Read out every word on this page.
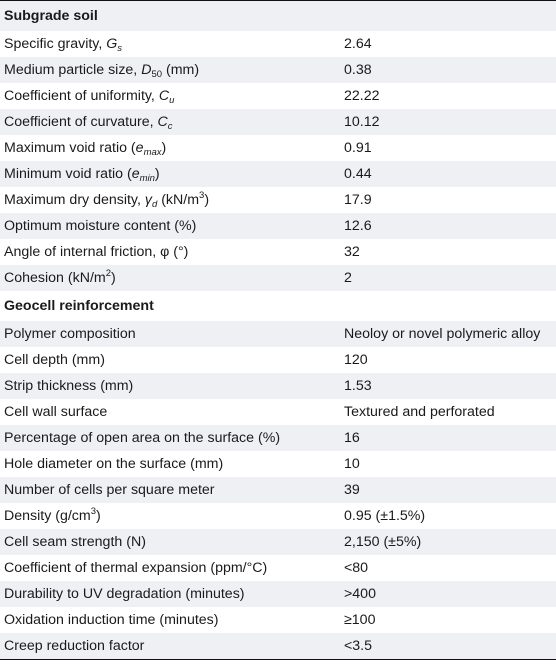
Subgrade soil	
Specific gravity, $G_s$	2.64
Medium particle size, $D_{50}$ (mm)	0.38
Coefficient of uniformity, $C_u$	22.22
Coefficient of curvature, $C_c$	10.12
Maximum void ratio $(e_{max})$	0.91
Minimum void ratio $(e_{min})$	0.44
Maximum dry density, $\gamma_d$ $(kN/m^3)$	17.9
Optimum moisture content (%)	12.6
Angle of internal friction, φ (°)	32
Cohesion $(kN/m^2)$	2
Geocell reinforcement	
Polymer composition	Neoloy or novel polymeric alloy
Cell depth (mm)	120
Strip thickness (mm)	1.53
Cell wall surface	Textured and perforated
Percentage of open area on the surface (%)	16
Hole diameter on the surface (mm)	10
Number of cells per square meter	39
Density $(g/cm^3)$	0.95 (±1.5%)
Cell seam strength (N)	2,150 (±5%)
Coefficient of thermal expansion (ppm/°C)	<80
Durability to UV degradation (minutes)	>400
Oxidation induction time (minutes)	≥100
Creep reduction factor	<3.5
